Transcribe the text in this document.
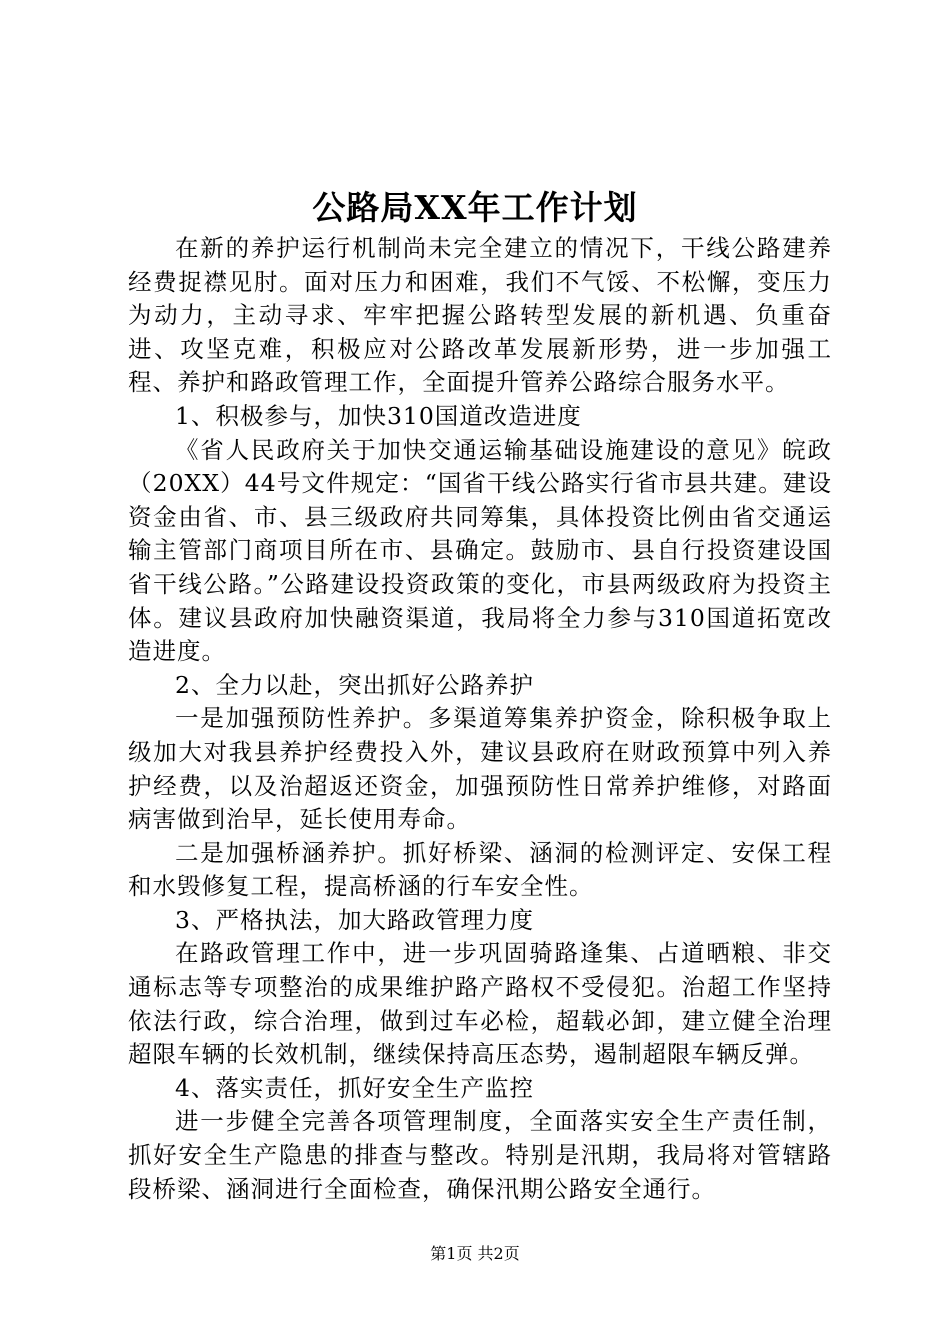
公路局XX年工作计划

在新的养护运行机制尚未完全建立的情况下，干线公路建养经费捉襟见肘。面对压力和困难，我们不气馁、不松懈，变压力为动力，主动寻求、牢牢把握公路转型发展的新机遇、负重奋进、攻坚克难，积极应对公路改革发展新形势，进一步加强工程、养护和路政管理工作，全面提升管养公路综合服务水平。

1、积极参与，加快310国道改造进度

《省人民政府关于加快交通运输基础设施建设的意见》皖政（20XX）44号文件规定：“国省干线公路实行省市县共建。建设资金由省、市、县三级政府共同筹集，具体投资比例由省交通运输主管部门商项目所在市、县确定。鼓励市、县自行投资建设国省干线公路。”公路建设投资政策的变化，市县两级政府为投资主体。建议县政府加快融资渠道，我局将全力参与310国道拓宽改造进度。

2、全力以赴，突出抓好公路养护

一是加强预防性养护。多渠道筹集养护资金，除积极争取上级加大对我县养护经费投入外，建议县政府在财政预算中列入养护经费，以及治超返还资金，加强预防性日常养护维修，对路面病害做到治早，延长使用寿命。

二是加强桥涵养护。抓好桥梁、涵洞的检测评定、安保工程和水毁修复工程，提高桥涵的行车安全性。

3、严格执法，加大路政管理力度

在路政管理工作中，进一步巩固骑路逢集、占道晒粮、非交通标志等专项整治的成果维护路产路权不受侵犯。治超工作坚持依法行政，综合治理，做到过车必检，超载必卸，建立健全治理超限车辆的长效机制，继续保持高压态势，遏制超限车辆反弹。

4、落实责任，抓好安全生产监控

进一步健全完善各项管理制度，全面落实安全生产责任制，抓好安全生产隐患的排查与整改。特别是汛期，我局将对管辖路段桥梁、涵洞进行全面检查，确保汛期公路安全通行。

第1页 共2页
